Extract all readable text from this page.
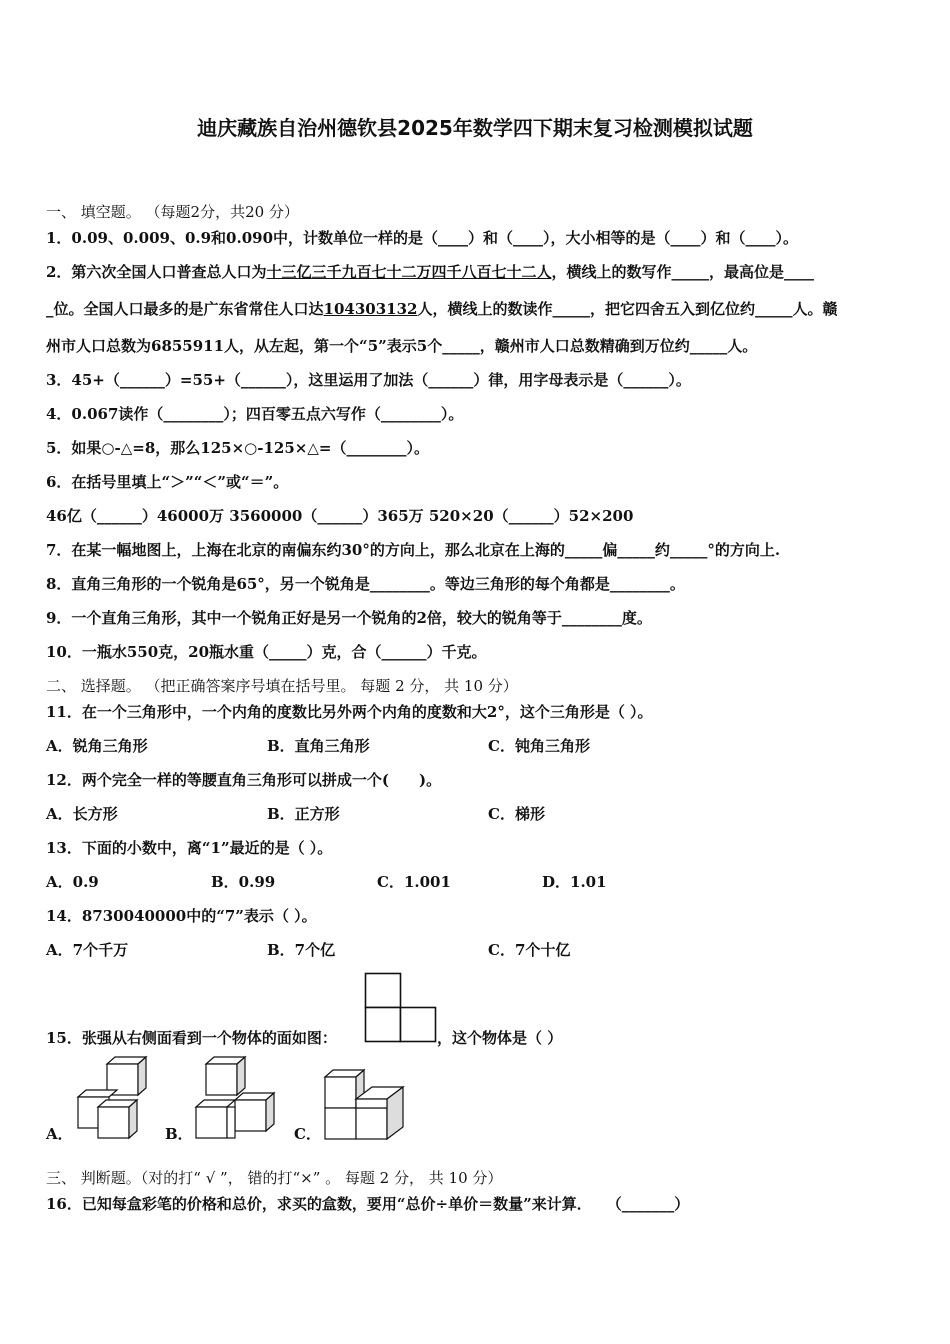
迪庆藏族自治州德钦县2025年数学四下期末复习检测模拟试题
一、 填空题。 （每题2分，共20 分）
1．0.09、0.009、0.9和0.090中，计数单位一样的是（____）和（____），大小相等的是（____）和（____）。
2．第六次全国人口普查总人口为十三亿三千九百七十二万四千八百七十二人，横线上的数写作_____，最高位是____
_位。全国人口最多的是广东省常住人口达104303132人，横线上的数读作_____，把它四舍五入到亿位约_____人。赣
州市人口总数为6855911人，从左起，第一个“5”表示5个_____，赣州市人口总数精确到万位约_____人。
3．45+（______）=55+（______），这里运用了加法（______）律，用字母表示是（______）。
4．0.067读作（________）；四百零五点六写作（________）。
5．如果○-△=8，那么125×○-125×△=（________）。
6．在括号里填上“＞”“＜”或“＝”。
46亿（______）46000万 3560000（______）365万 520×20（______）52×200
7．在某一幅地图上，上海在北京的南偏东约30°的方向上，那么北京在上海的_____偏_____约_____°的方向上.
8．直角三角形的一个锐角是65°，另一个锐角是________。等边三角形的每个角都是________。
9．一个直角三角形，其中一个锐角正好是另一个锐角的2倍，较大的锐角等于________度。
10．一瓶水550克，20瓶水重（_____）克，合（______）千克。
二、 选择题。 （把正确答案序号填在括号里。 每题 2 分， 共 10 分）
11．在一个三角形中，一个内角的度数比另外两个内角的度数和大2°，这个三角形是（ ）。
A．锐角三角形	B．直角三角形	C．钝角三角形
12．两个完全一样的等腰直角三角形可以拼成一个(　　)。
A．长方形	B．正方形	C．梯形
13．下面的小数中，离“1”最近的是（ ）。
A．0.9	B．0.99	C．1.001	D．1.01
14．8730040000中的“7”表示（ ）。
A．7个千万	B．7个亿	C．7个十亿
15．张强从右侧面看到一个物体的面如图：	，这个物体是（ ）
A．	B．	C．
三、 判断题。（对的打“ √ ”， 错的打“×” 。 每题 2 分， 共 10 分）
16．已知每盒彩笔的价格和总价，求买的盒数，要用“总价÷单价＝数量”来计算．　　（_______）
